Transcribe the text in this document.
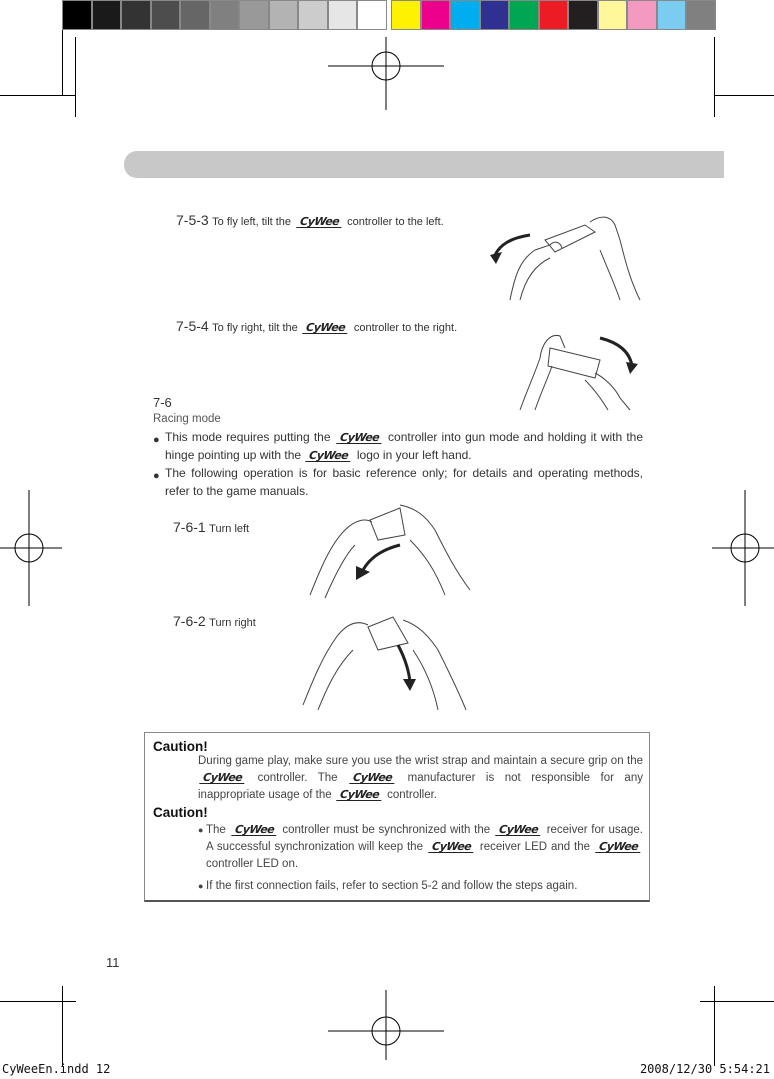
7-5-3 To fly left, tilt the CyWee controller to the left.
7-5-4 To fly right, tilt the CyWee controller to the right.
7-6
Racing mode
● This mode requires putting the CyWee controller into gun mode and holding it with the hinge pointing up with the CyWee logo in your left hand.
● The following operation is for basic reference only; for details and operating methods, refer to the game manuals.
7-6-1 Turn left
7-6-2 Turn right
Caution!
During game play, make sure you use the wrist strap and maintain a secure grip on the CyWee controller. The CyWee manufacturer is not responsible for any inappropriate usage of the CyWee controller.
Caution!
● The CyWee controller must be synchronized with the CyWee receiver for usage. A successful synchronization will keep the CyWee receiver LED and the CyWee controller LED on.
● If the first connection fails, refer to section 5-2 and follow the steps again.
11
CyWeeEn.indd 12	2008/12/30 5:54:21
